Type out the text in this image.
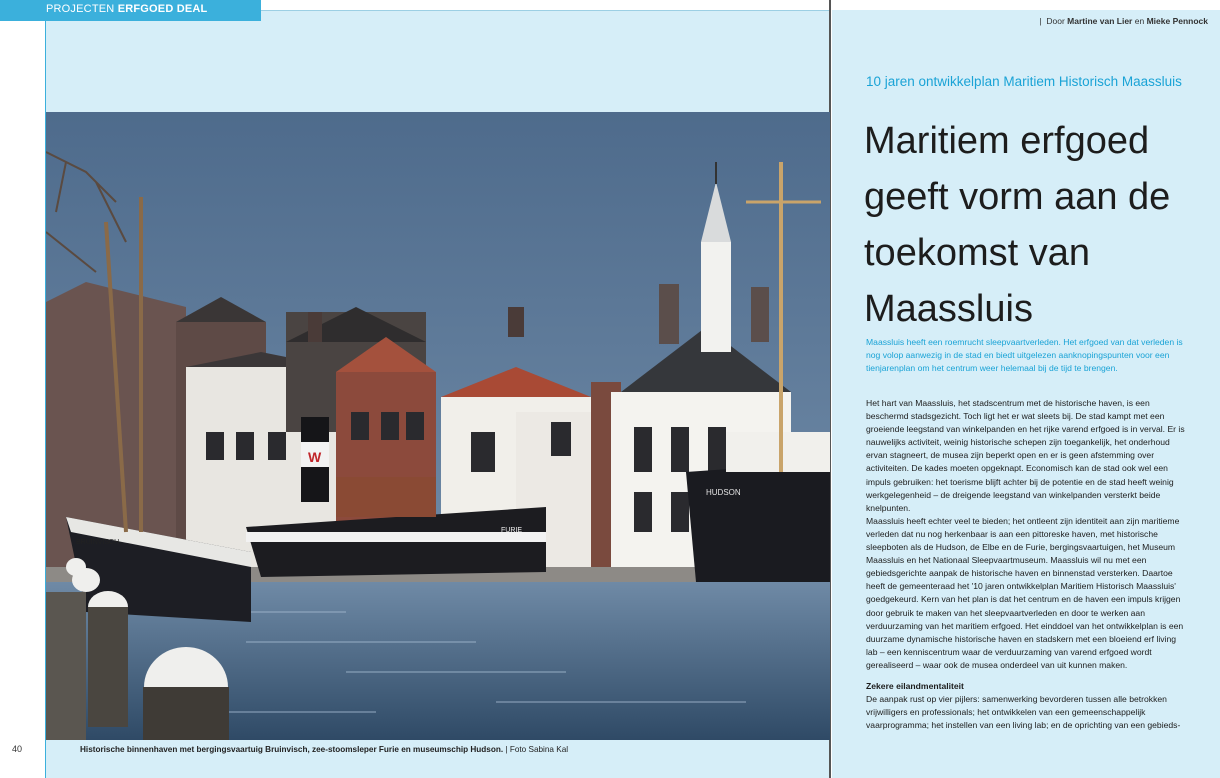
PROJECTEN ERFGOED DEAL
W
FURIE
BRUINVISCH
HUDSON
40	Historische binnenhaven met bergingsvaartuig Bruinvisch, zee-stoomsleper Furie en museumschip Hudson. | Foto Sabina Kal
| Door Martine van Lier en Mieke Pennock
10 jaren ontwikkelplan Maritiem Historisch Maassluis
Maritiem erfgoed geeft vorm aan de toekomst van Maassluis

Maassluis heeft een roemrucht sleepvaartverleden. Het erfgoed van dat verleden is nog volop aanwezig in de stad en biedt uitgelezen aanknopingspunten voor een tienjarenplan om het centrum weer helemaal bij de tijd te brengen.

Het hart van Maassluis, het stadscentrum met de historische haven, is een beschermd stadsgezicht. Toch ligt het er wat sleets bij. De stad kampt met een groeiende leegstand van winkelpanden en het rijke varend erfgoed is in verval. Er is nauwelijks activiteit, weinig historische schepen zijn toegankelijk, het onderhoud ervan stagneert, de musea zijn beperkt open en er is geen afstemming over activiteiten. De kades moeten opgeknapt. Economisch kan de stad ook wel een impuls gebruiken: het toerisme blijft achter bij de potentie en de stad heeft weinig werkgelegenheid – de dreigende leegstand van winkelpanden versterkt beide knelpunten.

Maassluis heeft echter veel te bieden; het ontleent zijn identiteit aan zijn maritieme verleden dat nu nog herkenbaar is aan een pittoreske haven, met historische sleepboten als de Hudson, de Elbe en de Furie, bergingsvaartuigen, het Museum Maassluis en het Nationaal Sleepvaartmuseum. Maassluis wil nu met een gebiedsgerichte aanpak de historische haven en binnenstad versterken. Daartoe heeft de gemeenteraad het '10 jaren ontwikkelplan Maritiem Historisch Maassluis' goedgekeurd. Kern van het plan is dat het centrum en de haven een impuls krijgen door gebruik te maken van het sleepvaartverleden en door te werken aan verduurzaming van het maritiem erfgoed. Het einddoel van het ontwikkelplan is een duurzame dynamische historische haven en stadskern met een bloeiend erf living lab – een kenniscentrum waar de verduurzaming van varend erfgoed wordt gerealiseerd – waar ook de musea onderdeel van uit kunnen maken.

Zekere eilandmentaliteit

De aanpak rust op vier pijlers: samenwerking bevorderen tussen alle betrokken vrijwilligers en professionals; het ontwikkelen van een gemeenschappelijk vaarprogramma; het instellen van een living lab; en de oprichting van een gebieds-
